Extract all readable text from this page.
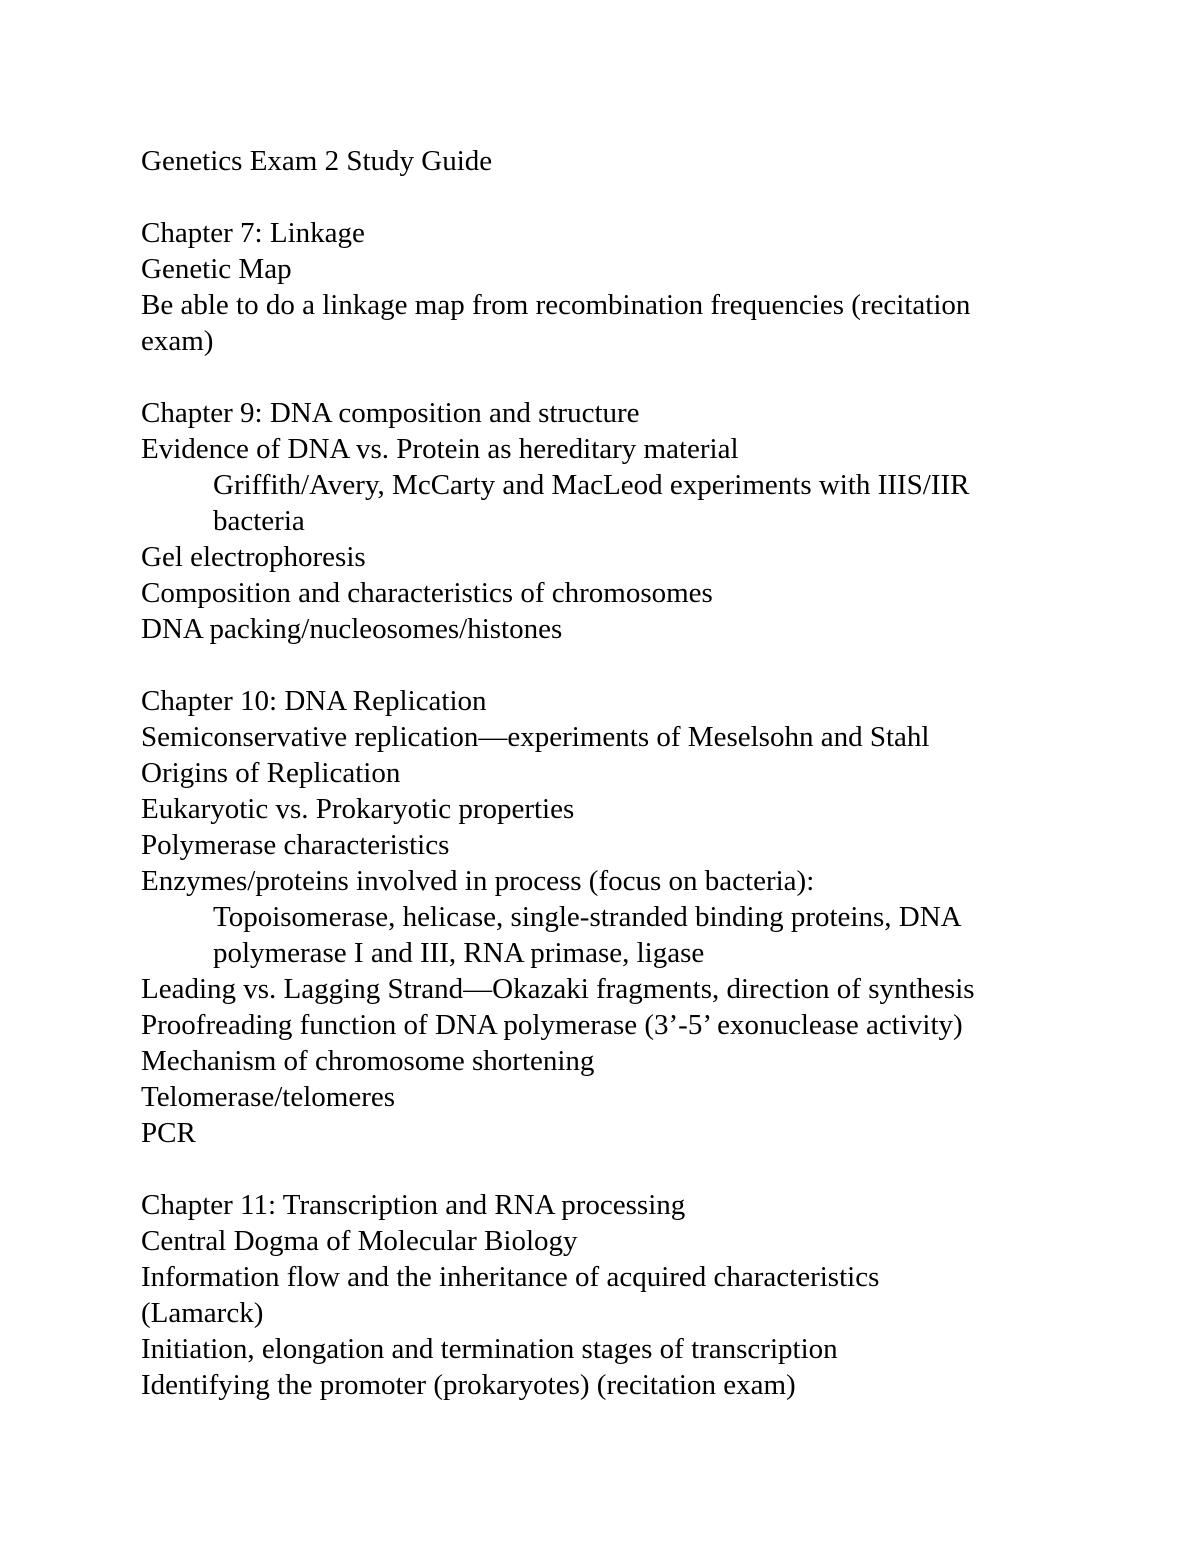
Genetics Exam 2 Study Guide

Chapter 7: Linkage

Genetic Map

Be able to do a linkage map from recombination frequencies (recitation

exam)

Chapter 9: DNA composition and structure

Evidence of DNA vs. Protein as hereditary material

Griffith/Avery, McCarty and MacLeod experiments with IIIS/IIR

bacteria

Gel electrophoresis

Composition and characteristics of chromosomes

DNA packing/nucleosomes/histones

Chapter 10: DNA Replication

Semiconservative replication—experiments of Meselsohn and Stahl

Origins of Replication

Eukaryotic vs. Prokaryotic properties

Polymerase characteristics

Enzymes/proteins involved in process (focus on bacteria):

Topoisomerase, helicase, single-stranded binding proteins, DNA

polymerase I and III, RNA primase, ligase

Leading vs. Lagging Strand—Okazaki fragments, direction of synthesis

Proofreading function of DNA polymerase (3’-5’ exonuclease activity)

Mechanism of chromosome shortening

Telomerase/telomeres

PCR

Chapter 11: Transcription and RNA processing

Central Dogma of Molecular Biology

Information flow and the inheritance of acquired characteristics

(Lamarck)

Initiation, elongation and termination stages of transcription

Identifying the promoter (prokaryotes) (recitation exam)
